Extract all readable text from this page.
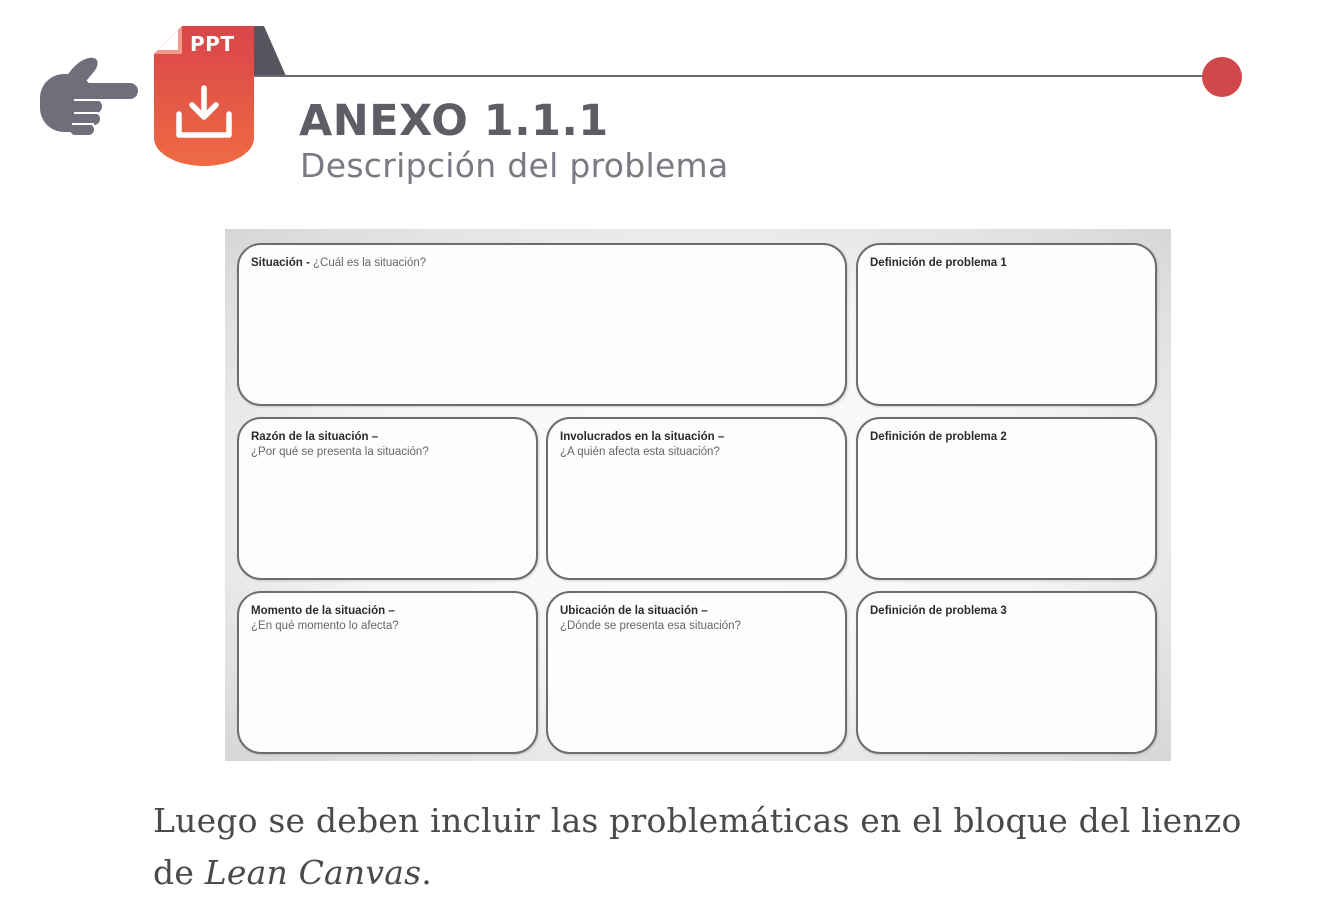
PPT
ANEXO 1.1.1
Descripción del problema
Situación - ¿Cuál es la situación?	Definición de problema 1
Razón de la situación –
¿Por qué se presenta la situación?
Involucrados en la situación –
¿A quién afecta esta situación?
Definición de problema 2
Momento de la situación –
¿En qué momento lo afecta?
Ubicación de la situación –
¿Dónde se presenta esa situación?
Definición de problema 3

Luego se deben incluir las problemáticas en el bloque del lienzo de Lean Canvas.
